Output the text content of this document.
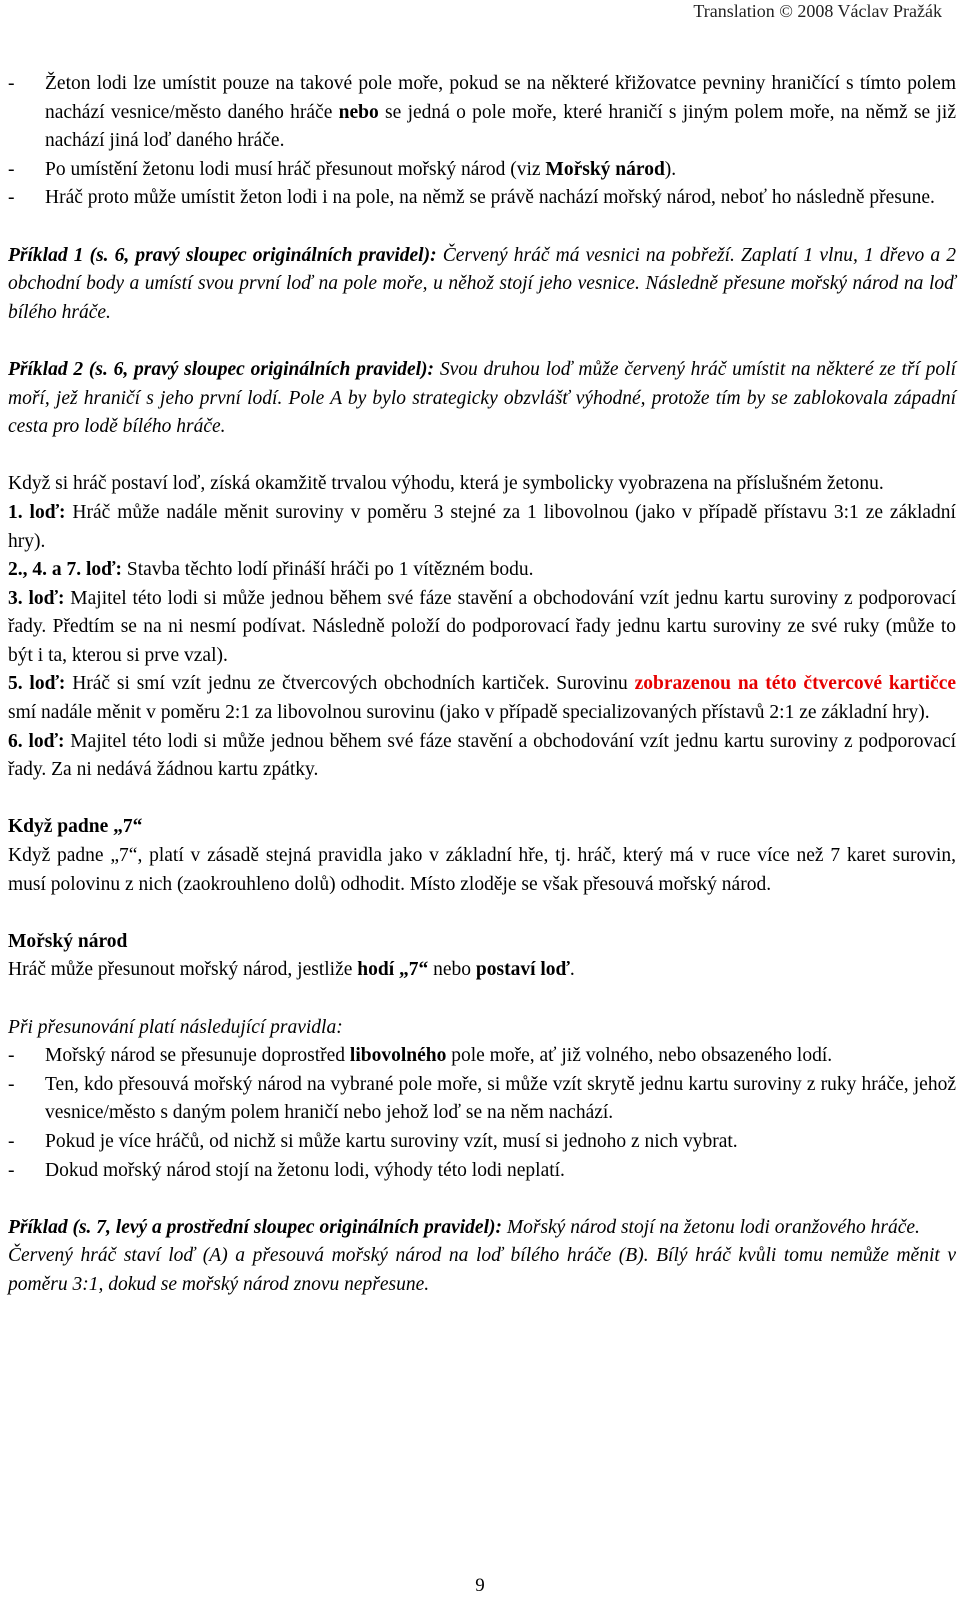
Translation © 2008 Václav Pražák
- Žeton lodi lze umístit pouze na takové pole moře, pokud se na některé křižovatce pevniny hraničící s tímto polem nachází vesnice/město daného hráče nebo se jedná o pole moře, které hraničí s jiným polem moře, na němž se již nachází jiná loď daného hráče.
- Po umístění žetonu lodi musí hráč přesunout mořský národ (viz Mořský národ).
- Hráč proto může umístit žeton lodi i na pole, na němž se právě nachází mořský národ, neboť ho následně přesune.
Příklad 1 (s. 6, pravý sloupec originálních pravidel): Červený hráč má vesnici na pobřeží. Zaplatí 1 vlnu, 1 dřevo a 2 obchodní body a umístí svou první loď na pole moře, u něhož stojí jeho vesnice. Následně přesune mořský národ na loď bílého hráče.
Příklad 2 (s. 6, pravý sloupec originálních pravidel): Svou druhou loď může červený hráč umístit na některé ze tří polí moří, jež hraničí s jeho první lodí. Pole A by bylo strategicky obzvlášť výhodné, protože tím by se zablokovala západní cesta pro lodě bílého hráče.
Když si hráč postaví loď, získá okamžitě trvalou výhodu, která je symbolicky vyobrazena na příslušném žetonu.
1. loď: Hráč může nadále měnit suroviny v poměru 3 stejné za 1 libovolnou (jako v případě přístavu 3:1 ze základní hry).
2., 4. a 7. loď: Stavba těchto lodí přináší hráči po 1 vítězném bodu.
3. loď: Majitel této lodi si může jednou během své fáze stavění a obchodování vzít jednu kartu suroviny z podporovací řady. Předtím se na ni nesmí podívat. Následně položí do podporovací řady jednu kartu suroviny ze své ruky (může to být i ta, kterou si prve vzal).
5. loď: Hráč si smí vzít jednu ze čtvercových obchodních kartiček. Surovinu zobrazenou na této čtvercové kartičce smí nadále měnit v poměru 2:1 za libovolnou surovinu (jako v případě specializovaných přístavů 2:1 ze základní hry).
6. loď: Majitel této lodi si může jednou během své fáze stavění a obchodování vzít jednu kartu suroviny z podporovací řady. Za ni nedává žádnou kartu zpátky.
Když padne „7“
Když padne „7“, platí v zásadě stejná pravidla jako v základní hře, tj. hráč, který má v ruce více než 7 karet surovin, musí polovinu z nich (zaokrouhleno dolů) odhodit. Místo zloděje se však přesouvá mořský národ.
Mořský národ
Hráč může přesunout mořský národ, jestliže hodí „7“ nebo postaví loď.
Při přesunování platí následující pravidla:
- Mořský národ se přesunuje doprostřed libovolného pole moře, ať již volného, nebo obsazeného lodí.
- Ten, kdo přesouvá mořský národ na vybrané pole moře, si může vzít skrytě jednu kartu suroviny z ruky hráče, jehož vesnice/město s daným polem hraničí nebo jehož loď se na něm nachází.
- Pokud je více hráčů, od nichž si může kartu suroviny vzít, musí si jednoho z nich vybrat.
- Dokud mořský národ stojí na žetonu lodi, výhody této lodi neplatí.
Příklad (s. 7, levý a prostřední sloupec originálních pravidel): Mořský národ stojí na žetonu lodi oranžového hráče.
Červený hráč staví loď (A) a přesouvá mořský národ na loď bílého hráče (B). Bílý hráč kvůli tomu nemůže měnit v poměru 3:1, dokud se mořský národ znovu nepřesune.
9
